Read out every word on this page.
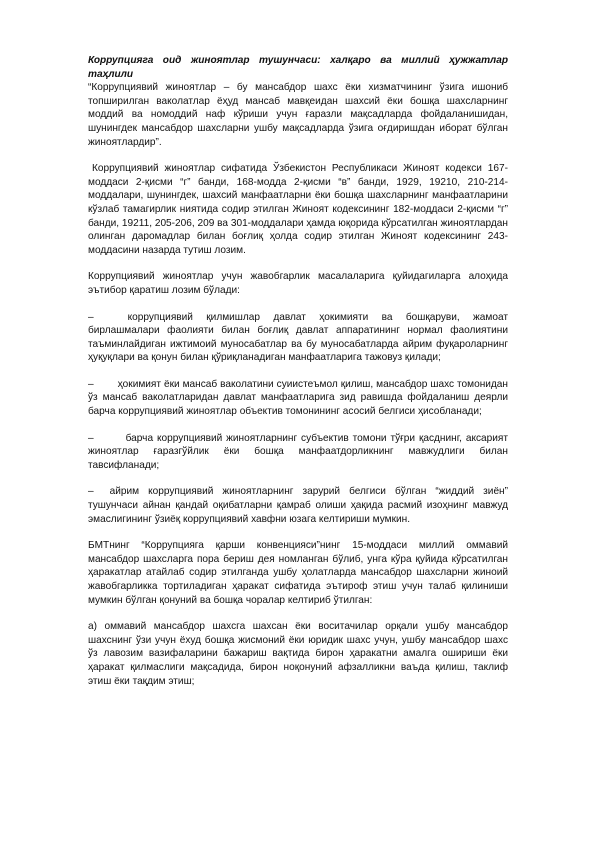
Коррупцияга оид жиноятлар тушунчаси: халқаро ва миллий ҳужжатлар таҳлили

“Коррупциявий жиноятлар – бу мансабдор шахс ёки хизматчининг ўзига ишониб топширилган ваколатлар ёҳуд мансаб мавқеидан шахсий ёки бошқа шахсларнинг моддий ва номоддий наф кўриши учун ғаразли мақсадларда фойдаланишидан, шунингдек мансабдор шахсларни ушбу мақсадларда ўзига оғдиришдан иборат бўлган жиноятлардир”.

Коррупциявий жиноятлар сифатида Ўзбекистон Республикаси Жиноят кодекси 167-моддаси 2-қисми “г” банди, 168-модда 2-қисми “в” банди, 1929, 19210, 210-214-моддалари, шунингдек, шахсий манфаатларни ёки бошқа шахсларнинг манфаатларини кўзлаб тамагирлик ниятида содир этилган Жиноят кодексининг 182-моддаси 2-қисми “г” банди, 19211, 205-206, 209 ва 301-моддалари ҳамда юқорида кўрсатилган жиноятлардан олинган даромадлар билан боғлиқ ҳолда содир этилган Жиноят кодексининг 243-моддасини назарда тутиш лозим.

Коррупциявий жиноятлар учун жавобгарлик масалаларига қуйидагиларга алоҳида эътибор қаратиш лозим бўлади:

–	коррупциявий қилмишлар давлат ҳокимияти ва бошқаруви, жамоат бирлашмалари фаолияти билан боғлиқ давлат аппаратининг нормал фаолиятини таъминлайдиган ижтимоий муносабатлар ва бу муносабатларда айрим фуқароларнинг ҳуқуқлари ва қонун билан қўриқланадиган манфаатларига тажовуз қилади;

– ҳокимият ёки мансаб ваколатини суиистеъмол қилиш, мансабдор шахс томонидан ўз мансаб ваколатларидан давлат манфаатларига зид равишда фойдаланиш деярли барча коррупциявий жиноятлар объектив томонининг асосий белгиси ҳисобланади;

–	барча коррупциявий жиноятларнинг субъектив томони тўғри қасднинг, аксарият жиноятлар ғаразгўйлик ёки бошқа манфаатдорликнинг мавжудлиги билан тавсифланади;

– айрим коррупциявий жиноятларнинг зарурий белгиси бўлган “жиддий зиён” тушунчаси айнан қандай оқибатларни қамраб олиши ҳақида расмий изоҳнинг мавжуд эмаслигининг ўзиёқ коррупциявий хавфни юзага келтириши мумкин.

БМТнинг “Коррупцияга қарши конвенцияси”нинг 15-моддаси миллий оммавий мансабдор шахсларга пора бериш дея номланган бўлиб, унга кўра қуйида кўрсатилган ҳаракатлар атайлаб содир этилганда ушбу ҳолатларда мансабдор шахсларни жиноий жавобгарликка тортиладиган ҳаракат сифатида эътироф этиш учун талаб қилиниши мумкин бўлган қонуний ва бошқа чоралар келтириб ўтилган:

а) оммавий мансабдор шахсга шахсан ёки воситачилар орқали ушбу мансабдор шахснинг ўзи учун ёхуд бошқа жисмоний ёки юридик шахс учун, ушбу мансабдор шахс ўз лавозим вазифаларини бажариш вақтида бирон ҳаракатни амалга ошириши ёки ҳаракат қилмаслиги мақсадида, бирон ноқонуний афзалликни ваъда қилиш, таклиф этиш ёки тақдим этиш;
